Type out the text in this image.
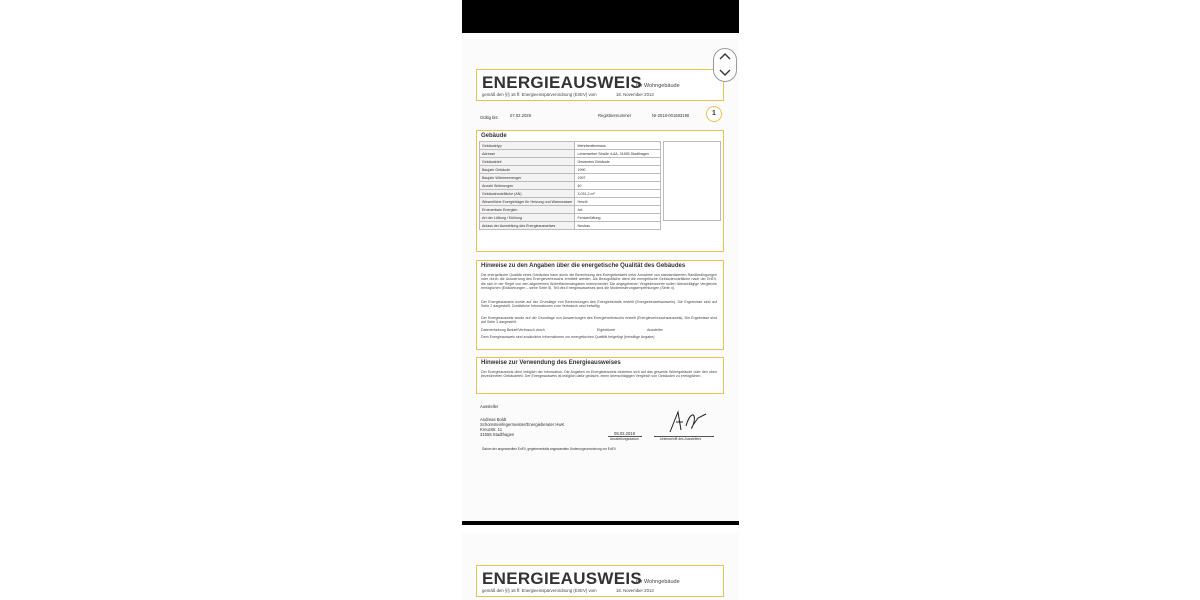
ENERGIEAUSWEIS
für Wohngebäude
gemäß den §§ 16 ff. Energieeinsparverordnung (EnEV) vom	18. November 2013
Gültig bis:	07.02.2028	Registriernummer	NI-2018-001683190	1
Gebäude
Gebäudetyp	Mehrfamilienhaus
Adresse	Lenenweber Straße 4-6A, 31655 Stadthagen
Gebäudeteil	Gesamtes Gebäude
Baujahr Gebäude	1990
Baujahr Wärmeerzeuger	1997
Anzahl Wohnungen	40
Gebäudenutzfläche (AN)	3.031,2 m²
Wesentliche Energieträger für Heizung und Warmwasser	Heizöl
Erneuerbare Energien	Art:
Art der Lüftung / Kühlung	Fensterlüftung
Anlass der Ausstellung des Energieausweises	Neubau
Hinweise zu den Angaben über die energetische Qualität des Gebäudes
Die energetische Qualität eines Gebäudes kann durch die Berechnung des Energiebedarfs unter Annahme von standardisierten Randbedingungen oder durch die Auswertung des Energieverbrauchs ermittelt werden. Als Bezugsfläche dient die energetische Gebäudenutzfläche nach der EnEV, die sich in der Regel von den allgemeinen Wohnflächenangaben unterscheidet. Die angegebenen Vergleichswerte sollen überschlägige Vergleiche ermöglichen (Erläuterungen – siehe Seite 5). Teil des Energieausweises sind die Modernisierungsempfehlungen (Seite 4).
Der Energieausweis wurde auf der Grundlage von Berechnungen des Energiebedarfs erstellt (Energiebedarfsausweis). Die Ergebnisse sind auf Seite 2 dargestellt. Zusätzliche Informationen zum Verbrauch sind freiwillig.
Der Energieausweis wurde auf der Grundlage von Auswertungen des Energieverbrauchs erstellt (Energieverbrauchsausweis). Die Ergebnisse sind auf Seite 3 dargestellt.
Datenerhebung Bedarf/Verbrauch durch	Eigentümer	Aussteller
Dem Energieausweis sind zusätzliche Informationen zur energetischen Qualität beigefügt (freiwillige Angabe).
Hinweise zur Verwendung des Energieausweises
Der Energieausweis dient lediglich der Information. Die Angaben im Energieausweis beziehen sich auf das gesamte Wohngebäude oder den oben bezeichneten Gebäudeteil. Der Energieausweis ist lediglich dafür gedacht, einen überschlägigen Vergleich von Gebäuden zu ermöglichen.
Aussteller
Andreas Boldt
Schornsteinfegermeister/Energieberater HwK
Kreuzstr. 11
31655 Stadthagen	08.02.2018
Ausstellungsdatum	Unterschrift des Ausstellers
Datum der angewandten EnEV, gegebenenfalls angewandten Änderungsverordnung zur EnEV
ENERGIEAUSWEIS
für Wohngebäude
gemäß den §§ 16 ff. Energieeinsparverordnung (EnEV) vom	18. November 2013
